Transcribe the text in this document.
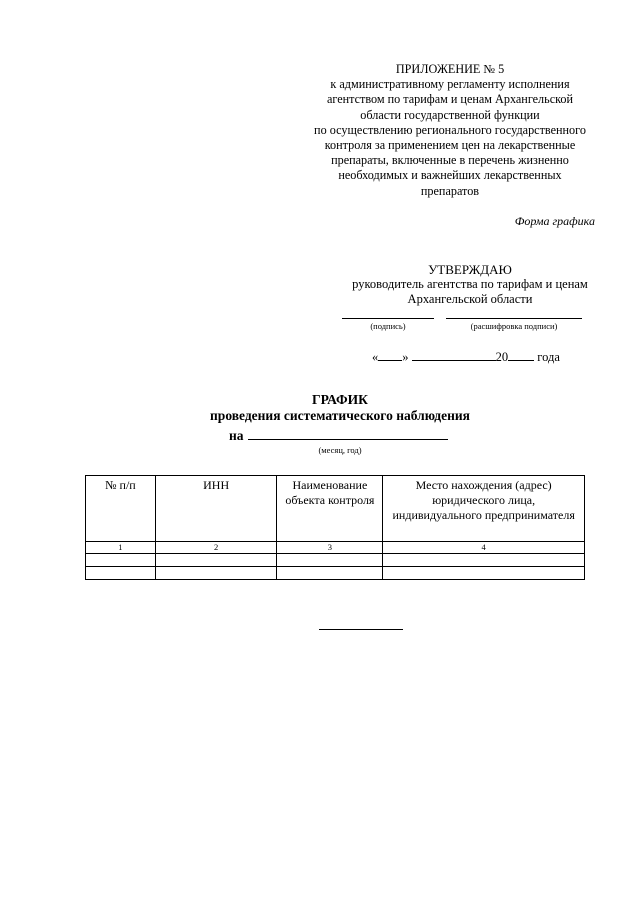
ПРИЛОЖЕНИЕ № 5
к административному регламенту исполнения
агентством по тарифам и ценам Архангельской
области государственной функции
по осуществлению регионального государственного
контроля за применением цен на лекарственные
препараты, включенные в перечень жизненно
необходимых и важнейших лекарственных
препаратов
Форма графика
УТВЕРЖДАЮ
руководитель агентства по тарифам и ценам
Архангельской области
(подпись)	(расшифровка подписи)
« »	20 года
ГРАФИК
проведения систематического наблюдения
на
(месяц, год)
№ п/п	ИНН	Наименование объекта контроля	Место нахождения (адрес) юридического лица, индивидуального предпринимателя
1	2	3	4
